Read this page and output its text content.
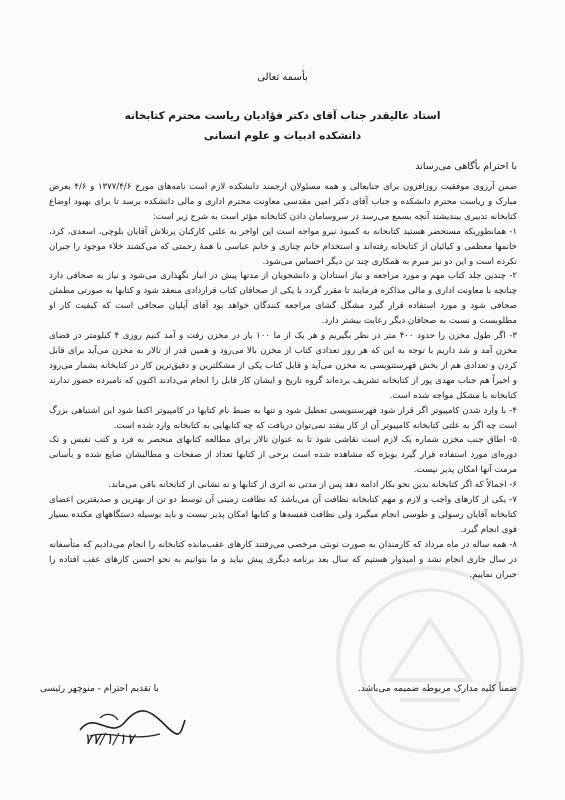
بأسمه تعالی
استاد عالیقدر جناب آقای دکتر فؤادیان ریاست محترم کتابخانه
دانشکده ادبیات و علوم انسانی
با احترام بأگاهی می‌رساند

ضمن آرزوی موفقیت روزافزون برای جنابعالی و همه مسئولان ارجمند دانشکده لازم است نامه‌های مورخ ۱۳۷۷/۴/۶ و ۴/۶ بعرض مبارک و ریاست محترم دانشکده و جناب آقای دکتر امین مقدسی معاونت محترم اداری و مالی دانشکده برسد تا برای بهبود اوضاع کتابخانه تدبیری بیندیشند آنچه بسمع می‌رسد در سروسامان دادن کتابخانه مؤثر است به شرح زیر است:

۱- همانطوریکه مستحضر هستید کتابخانه به کمبود نیرو مواجه است این اواخر به علتی کارکنان پرتلاش آقایان بلوچی، اسعدی، کرد، خانمها معظمی و کیائیان از کتابخانه رفته‌اند و استخدام خانم چناری و خانم عباسی با همهٔ زحمتی که می‌کشند خلاء موجود را جبران نکرده است و این دو نیز مبرم به همکاری چند تن دیگر احساس می‌شود.

۲- چندین جلد کتاب مهم و مورد مراجعه و نیاز استادان و دانشجویان از مدتها پیش در انبار نگهداری می‌شود و نیاز به صحافی دارد چنانچه با معاونت اداری و مالی مذاکره فرمایند تا مقرر گردد با یکی از صحافان کتاب قراردادی منعقد شود و کتابها به صورتی مطمئن صحافی شود و مورد استفاده قرار گیرد مشگل گشای مراجعه کنندگان خواهد بود آقای آپلیان صحافی است که کیفیت کار او مطلوبست و نسبت به صحافان دیگر رعایت بیشتر دارد.

۳- اگر طول مخزن را حدود ۴۰۰ متر در نظر بگیریم و هر یک از ما ۱۰۰ بار در مخزن رفت و آمد کنیم روزی ۴ کیلومتر در فضای مخزن آمد و شد داریم با توجه به این که هر روز تعدادی کتاب از مخزن بالا می‌رود و همین قدر از تالار به مخزن می‌آید برای قابل کردن و تعدادی هم از بخش فهرستنویسی به مخزن می‌آید و قابل کتاب یکی از مشکلترین و دقیق‌ترین کار در کتابخانه بشمار می‌رود و اخیراً هم جناب مهدی پور از کتابخانه تشریف برده‌اند گروه تاریخ و ایشان کار قابل را انجام می‌دادند اکنون که نامبرده حضور ندارند کتابخانه با مشکل مواجه شده است.

۴- با وارد شدن کامپیوتر اگر قرار شود فهرستنویسی تعطیل شود و تنها به ضبط نام کتابها در کامپیوتر اکتفا شود این اشتباهی بزرگ است چه اگر به علتی کتابخانه کامپیوتر آن از کار بیفتد نمی‌توان دریافت که چه کتابهایی به کتابخانه وارد شده است.

۵- اطاق جنب مخزن شماره یک لازم است نقاشی شود تا به عنوان تالار برای مطالعه کتابهای منحصر به فرد و کتب نفیس و تک دوره‌ای مورد استفاده قرار گیرد بویژه که مشاهده شده است برخی از کتابها تعداد از صفحات و مطالبشان ضایع شده و بأسانی مرمت آنها امکان پذیر نیست.

۶- اجمالاً که اگر کتابخانه بدین نحو بکار ادامه دهد پس از مدتی نه اثری از کتابها و نه نشانی از کتابخانه باقی می‌ماند.

۷- یکی از کارهای واجب و لازم و مهم کتابخانه نظافت آن می‌باشد که نظافت زمینی آن توسط دو تن از بهترین و صدیقترین اعضای کتابخانه آقایان رسولی و طوسی انجام میگیرد ولی نظافت قفسه‌ها و کتابها امکان پذیر نیست و باید بوسیله دستگاههای مکنده بسیار قوی انجام گیرد.

۸- همه ساله در ماه مرداد که کارمندان به صورت نوبتی مرخصی می‌رفتند کارهای عقب‌مانده کتابخانه را انجام می‌دادیم که متأسفانه در سال جاری انجام نشد و امیدوار هستیم که سال بعد برنامه دیگری پیش نیاید و ما بتوانیم به نحو احسن کارهای عقب افتاده را جبران نماییم.

ضمناً کلیه مدارک مربوطه ضمیمه می‌باشد.
با تقدیم احترام - منوچهر رئیسی
۷۷/۱/۱۷
